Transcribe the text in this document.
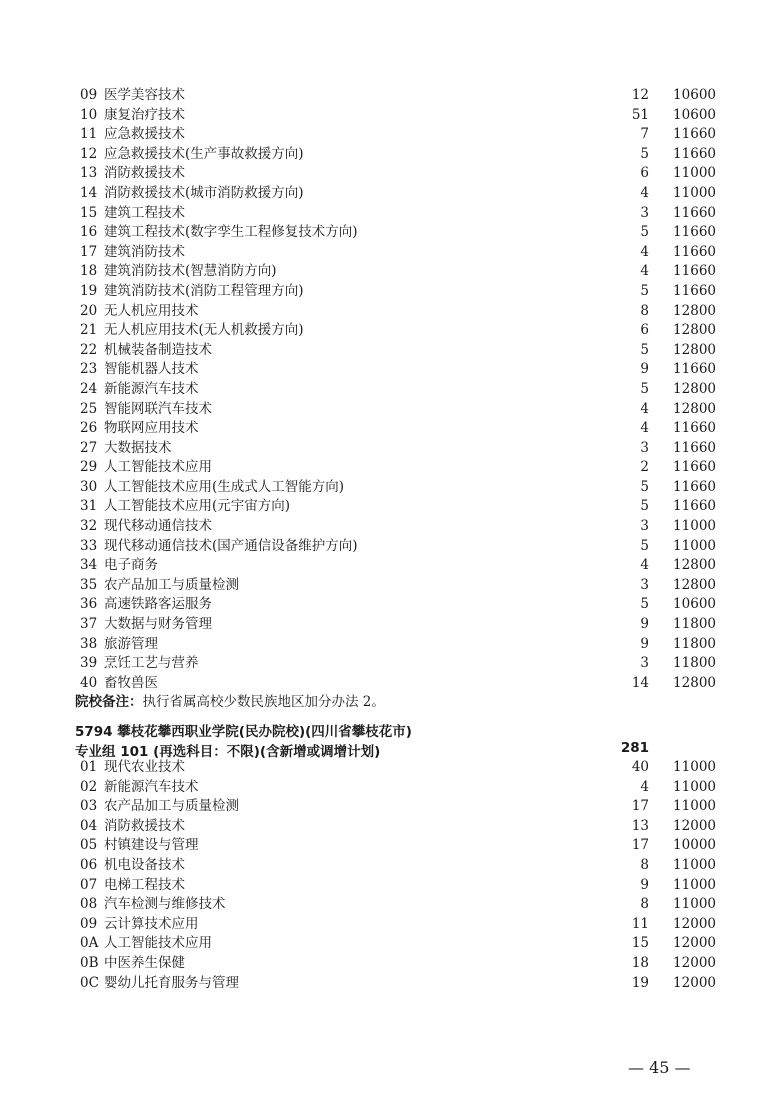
09 医学美容技术	12 10600
10 康复治疗技术	51 10600
11 应急救援技术	7 11660
12 应急救援技术(生产事故救援方向)	5 11660
13 消防救援技术	6 11000
14 消防救援技术(城市消防救援方向)	4 11000
15 建筑工程技术	3 11660
16 建筑工程技术(数字孪生工程修复技术方向)	5 11660
17 建筑消防技术	4 11660
18 建筑消防技术(智慧消防方向)	4 11660
19 建筑消防技术(消防工程管理方向)	5 11660
20 无人机应用技术	8 12800
21 无人机应用技术(无人机救援方向)	6 12800
22 机械装备制造技术	5 12800
23 智能机器人技术	9 11660
24 新能源汽车技术	5 12800
25 智能网联汽车技术	4 12800
26 物联网应用技术	4 11660
27 大数据技术	3 11660
29 人工智能技术应用	2 11660
30 人工智能技术应用(生成式人工智能方向)	5 11660
31 人工智能技术应用(元宇宙方向)	5 11660
32 现代移动通信技术	3 11000
33 现代移动通信技术(国产通信设备维护方向)	5 11000
34 电子商务	4 12800
35 农产品加工与质量检测	3 12800
36 高速铁路客运服务	5 10600
37 大数据与财务管理	9 11800
38 旅游管理	9 11800
39 烹饪工艺与营养	3 11800
40 畜牧兽医	14 12800
院校备注：执行省属高校少数民族地区加分办法 2。
5794 攀枝花攀西职业学院(民办院校)(四川省攀枝花市)
专业组 101 (再选科目：不限)(含新增或调增计划)	281
01 现代农业技术	40 11000
02 新能源汽车技术	4 11000
03 农产品加工与质量检测	17 11000
04 消防救援技术	13 12000
05 村镇建设与管理	17 10000
06 机电设备技术	8 11000
07 电梯工程技术	9 11000
08 汽车检测与维修技术	8 11000
09 云计算技术应用	11 12000
0A 人工智能技术应用	15 12000
0B 中医养生保健	18 12000
0C 婴幼儿托育服务与管理	19 12000
— 45 —
